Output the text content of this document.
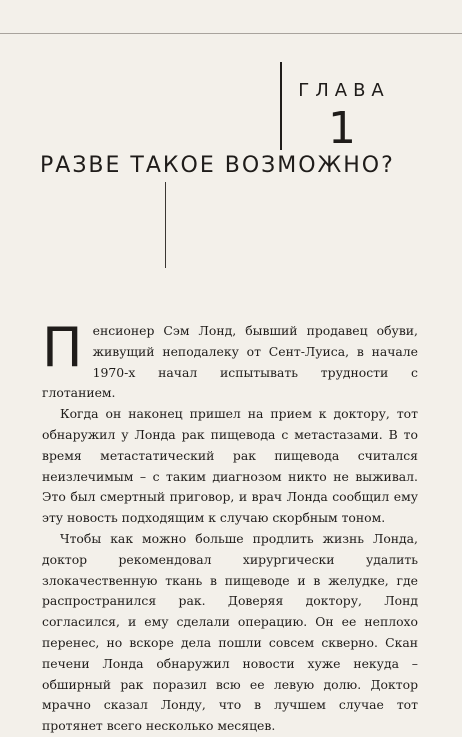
ГЛАВА
1
РАЗВЕ ТАКОЕ ВОЗМОЖНО?

Пенсионер Сэм Лонд, бывший продавец обуви, живущий неподалеку от Сент-Луиса, в начале 1970-х начал испытывать трудности с глотанием.

Когда он наконец пришел на прием к доктору, тот обнаружил у Лонда рак пищевода с метастазами. В то время метастатический рак пищевода считался неизлечимым – с таким диагнозом никто не выживал. Это был смертный приговор, и врач Лонда сообщил ему эту новость подходящим к случаю скорбным тоном.

Чтобы как можно больше продлить жизнь Лонда, доктор рекомендовал хирургически удалить злокачественную ткань в пищеводе и в желудке, где распространился рак. Доверяя доктору, Лонд согласился, и ему сделали операцию. Он ее неплохо перенес, но вскоре дела пошли совсем скверно. Скан печени Лонда обнаружил новости хуже некуда – обширный рак поразил всю ее левую долю. Доктор мрачно сказал Лонду, что в лучшем случае тот протянет всего несколько месяцев.
